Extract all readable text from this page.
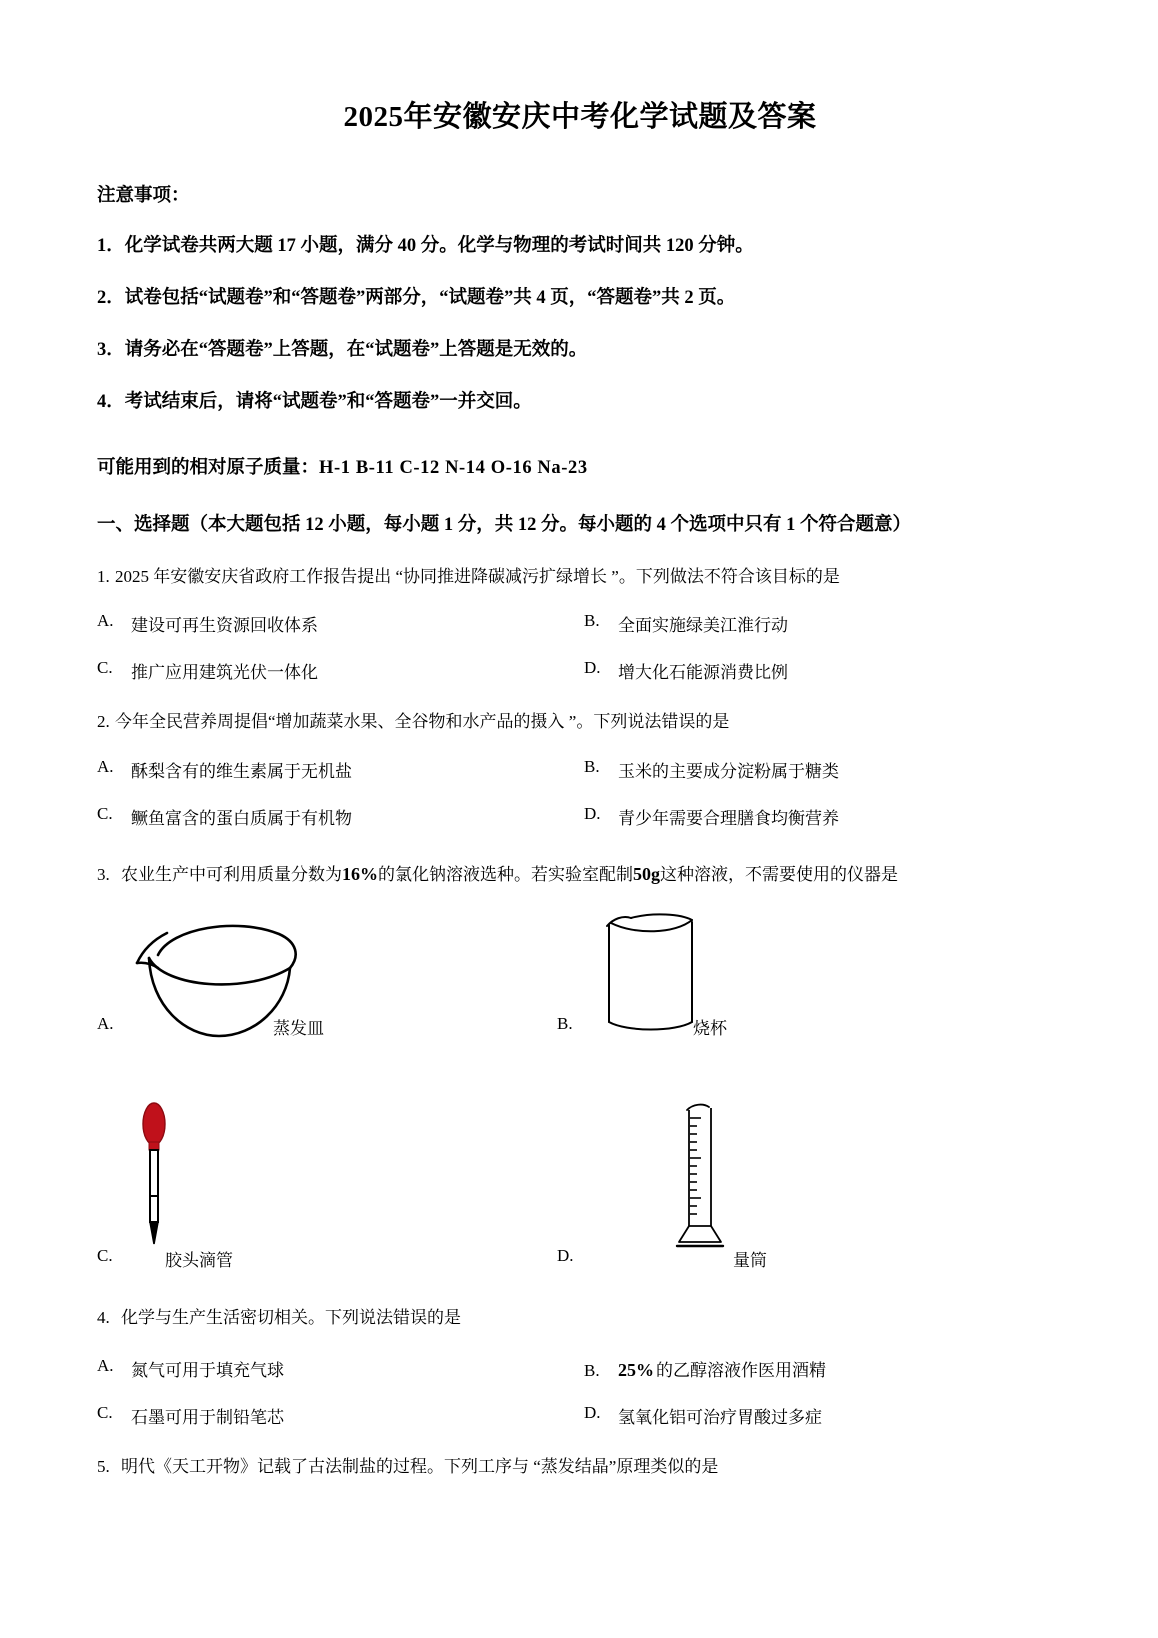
2025年安徽安庆中考化学试题及答案
注意事项：
1．化学试卷共两大题 17 小题，满分 40 分。化学与物理的考试时间共 120 分钟。
2．试卷包括“试题卷”和“答题卷”两部分，“试题卷”共 4 页，“答题卷”共 2 页。
3．请务必在“答题卷”上答题，在“试题卷”上答题是无效的。
4．考试结束后，请将“试题卷”和“答题卷”一并交回。
可能用到的相对原子质量：H-1 B-11 C-12 N-14 O-16 Na-23
一、选择题（本大题包括 12 小题，每小题 1 分，共 12 分。每小题的 4 个选项中只有 1 个符合题意）
1. 2025 年安徽安庆省政府工作报告提出 “协同推进降碳减污扩绿增长 ”。下列做法不符合该目标的是
A.	建设可再生资源回收体系	B.	全面实施绿美江淮行动
C.	推广应用建筑光伏一体化	D.	增大化石能源消费比例
2. 今年全民营养周提倡“增加蔬菜水果、全谷物和水产品的摄入 ”。下列说法错误的是
A.	酥梨含有的维生素属于无机盐	B.	玉米的主要成分淀粉属于糖类
C.	鳜鱼富含的蛋白质属于有机物	D.	青少年需要合理膳食均衡营养
3. 农业生产中可利用质量分数为16%的氯化钠溶液选种。若实验室配制50g这种溶液，不需要使用的仪器是
A.	蒸发皿	B.	烧杯
C.	胶头滴管	D.	量筒
4. 化学与生产生活密切相关。下列说法错误的是
A.	氮气可用于填充气球	B.	25% 的乙醇溶液作医用酒精
C.	石墨可用于制铅笔芯	D.	氢氧化铝可治疗胃酸过多症
5. 明代《天工开物》记载了古法制盐的过程。下列工序与 “蒸发结晶”原理类似的是
